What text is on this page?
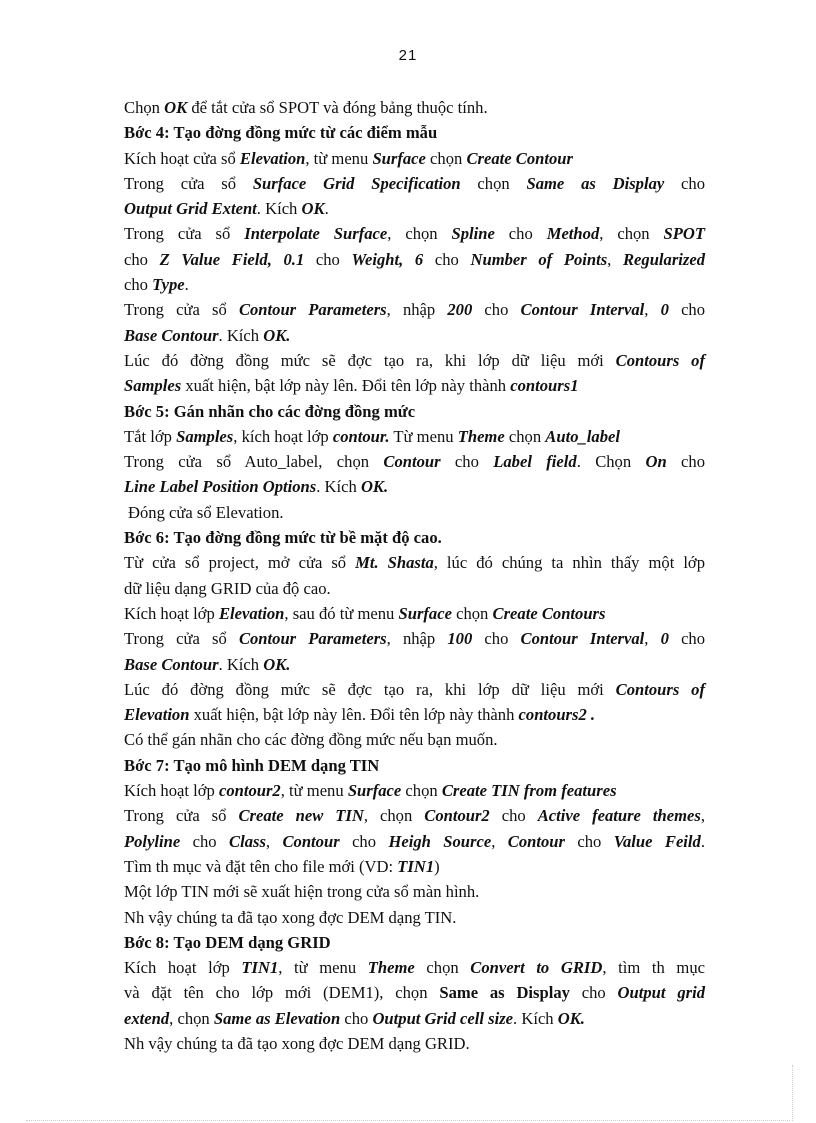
21
Chọn OK để tắt cửa sổ SPOT và đóng bảng thuộc tính.
Bớc 4: Tạo đờng đồng mức từ các điểm mẫu
Kích hoạt cửa sổ Elevation, từ menu Surface chọn Create Contour
Trong cửa sổ Surface Grid Specification chọn Same as Display cho
Output Grid Extent. Kích OK.
Trong cửa sổ Interpolate Surface, chọn Spline cho Method, chọn SPOT
cho Z Value Field, 0.1 cho Weight, 6 cho Number of Points, Regularized
cho Type.
Trong cửa sổ Contour Parameters, nhập 200 cho Contour Interval, 0 cho
Base Contour. Kích OK.
Lúc đó đờng đồng mức sẽ đợc tạo ra, khi lớp dữ liệu mới Contours of
Samples xuất hiện, bật lớp này lên. Đổi tên lớp này thành contours1
Bớc 5: Gán nhãn cho các đờng đồng mức
Tắt lớp Samples, kích hoạt lớp contour. Từ menu Theme chọn Auto_label
Trong cửa sổ Auto_label, chọn Contour cho Label field. Chọn On cho
Line Label Position Options. Kích OK.
Đóng cửa sổ Elevation.
Bớc 6: Tạo đờng đồng mức từ bề mặt độ cao.
Từ cửa sổ project, mở cửa sổ Mt. Shasta, lúc đó chúng ta nhìn thấy một lớp
dữ liệu dạng GRID của độ cao.
Kích hoạt lớp Elevation, sau đó từ menu Surface chọn Create Contours
Trong cửa sổ Contour Parameters, nhập 100 cho Contour Interval, 0 cho
Base Contour. Kích OK.
Lúc đó đờng đồng mức sẽ đợc tạo ra, khi lớp dữ liệu mới Contours of
Elevation xuất hiện, bật lớp này lên. Đổi tên lớp này thành contours2 .
Có thể gán nhãn cho các đờng đồng mức nếu bạn muốn.
Bớc 7: Tạo mô hình DEM dạng TIN
Kích hoạt lớp contour2, từ menu Surface chọn Create TIN from features
Trong cửa sổ Create new TIN, chọn Contour2 cho Active feature themes,
Polyline cho Class, Contour cho Heigh Source, Contour cho Value Feild.
Tìm th mục và đặt tên cho file mới (VD: TIN1)
Một lớp TIN mới sẽ xuất hiện trong cửa sổ màn hình.
Nh vậy chúng ta đã tạo xong đợc DEM dạng TIN.
Bớc 8: Tạo DEM dạng GRID
Kích hoạt lớp TIN1, từ menu Theme chọn Convert to GRID, tìm th mục
và đặt tên cho lớp mới (DEM1), chọn Same as Display cho Output grid
extend, chọn Same as Elevation cho Output Grid cell size. Kích OK.
Nh vậy chúng ta đã tạo xong đợc DEM dạng GRID.
